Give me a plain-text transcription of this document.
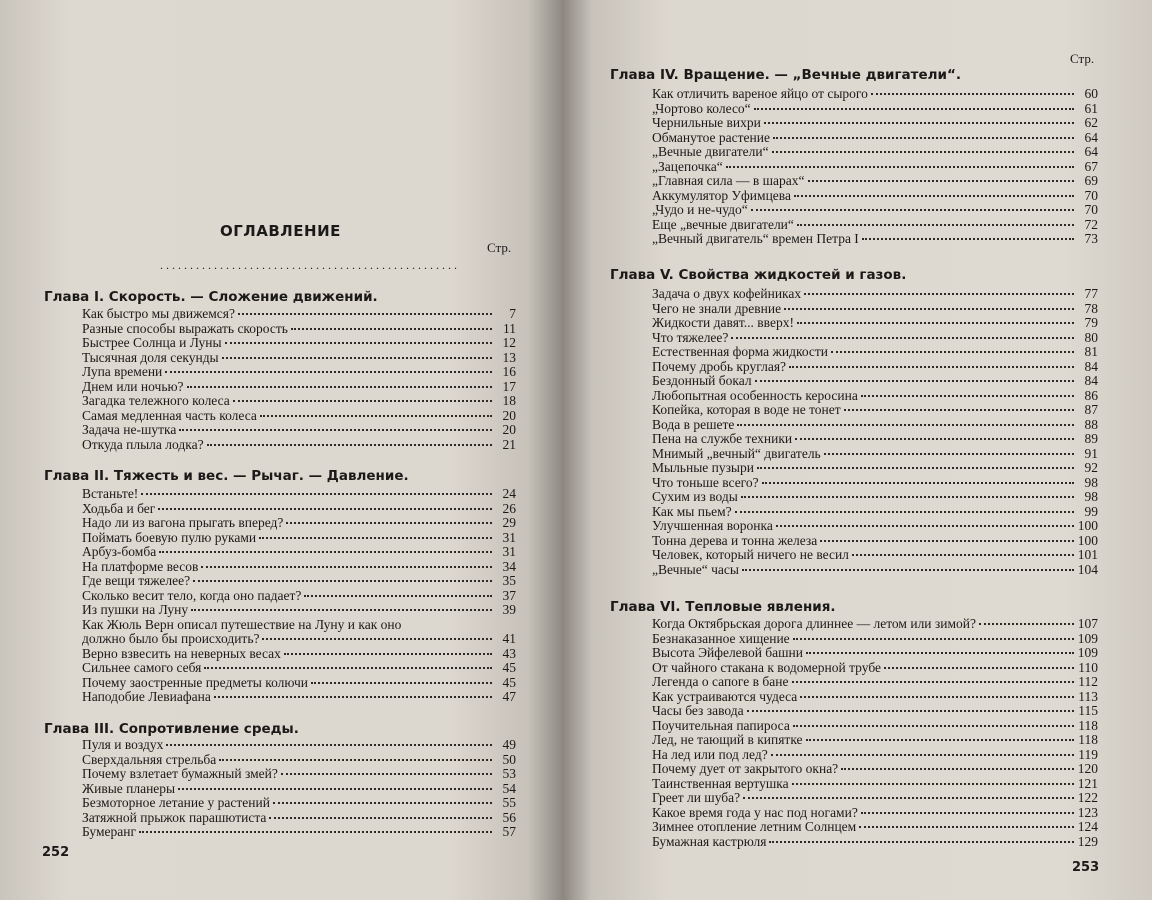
ОГЛАВЛЕНИЕ
Стр.
..................................................
Глава I. Скорость. — Сложение движений.
Как быстро мы движемся?	7
Разные способы выражать скорость	11
Быстрее Солнца и Луны	12
Тысячная доля секунды	13
Лупа времени	16
Днем или ночью?	17
Загадка тележного колеса	18
Самая медленная часть колеса	20
Задача не-шутка	20
Откуда плыла лодка?	21
Глава II. Тяжесть и вес. — Рычаг. — Давление.
Встаньте!	24
Ходьба и бег	26
Надо ли из вагона прыгать вперед?	29
Поймать боевую пулю руками	31
Арбуз-бомба	31
На платформе весов	34
Где вещи тяжелее?	35
Сколько весит тело, когда оно падает?	37
Из пушки на Луну	39
Как Жюль Верн описал путешествие на Луну и как оно
должно было бы происходить?	41
Верно взвесить на неверных весах	43
Сильнее самого себя	45
Почему заостренные предметы колючи	45
Наподобие Левиафана	47
Глава III. Сопротивление среды.
Пуля и воздух	49
Сверхдальняя стрельба	50
Почему взлетает бумажный змей?	53
Живые планеры	54
Безмоторное летание у растений	55
Затяжной прыжок парашютиста	56
Бумеранг	57
252
Стр.
Глава IV. Вращение. — „Вечные двигатели“.
Как отличить вареное яйцо от сырого	60
„Чортово колесо“	61
Чернильные вихри	62
Обманутое растение	64
„Вечные двигатели“	64
„Зацепочка“	67
„Главная сила — в шарах“	69
Аккумулятор Уфимцева	70
„Чудо и не-чудо“	70
Еще „вечные двигатели“	72
„Вечный двигатель“ времен Петра I	73
Глава V. Свойства жидкостей и газов.
Задача о двух кофейниках	77
Чего не знали древние	78
Жидкости давят... вверх!	79
Что тяжелее?	80
Естественная форма жидкости	81
Почему дробь круглая?	84
Бездонный бокал	84
Любопытная особенность керосина	86
Копейка, которая в воде не тонет	87
Вода в решете	88
Пена на службе техники	89
Мнимый „вечный“ двигатель	91
Мыльные пузыри	92
Что тоньше всего?	98
Сухим из воды	98
Как мы пьем?	99
Улучшенная воронка	100
Тонна дерева и тонна железа	100
Человек, который ничего не весил	101
„Вечные“ часы	104
Глава VI. Тепловые явления.
Когда Октябрьская дорога длиннее — летом или зимой?	107
Безнаказанное хищение	109
Высота Эйфелевой башни	109
От чайного стакана к водомерной трубе	110
Легенда о сапоге в бане	112
Как устраиваются чудеса	113
Часы без завода	115
Поучительная папироса	118
Лед, не тающий в кипятке	118
На лед или под лед?	119
Почему дует от закрытого окна?	120
Таинственная вертушка	121
Греет ли шуба?	122
Какое время года у нас под ногами?	123
Зимнее отопление летним Солнцем	124
Бумажная кастрюля	129
253
